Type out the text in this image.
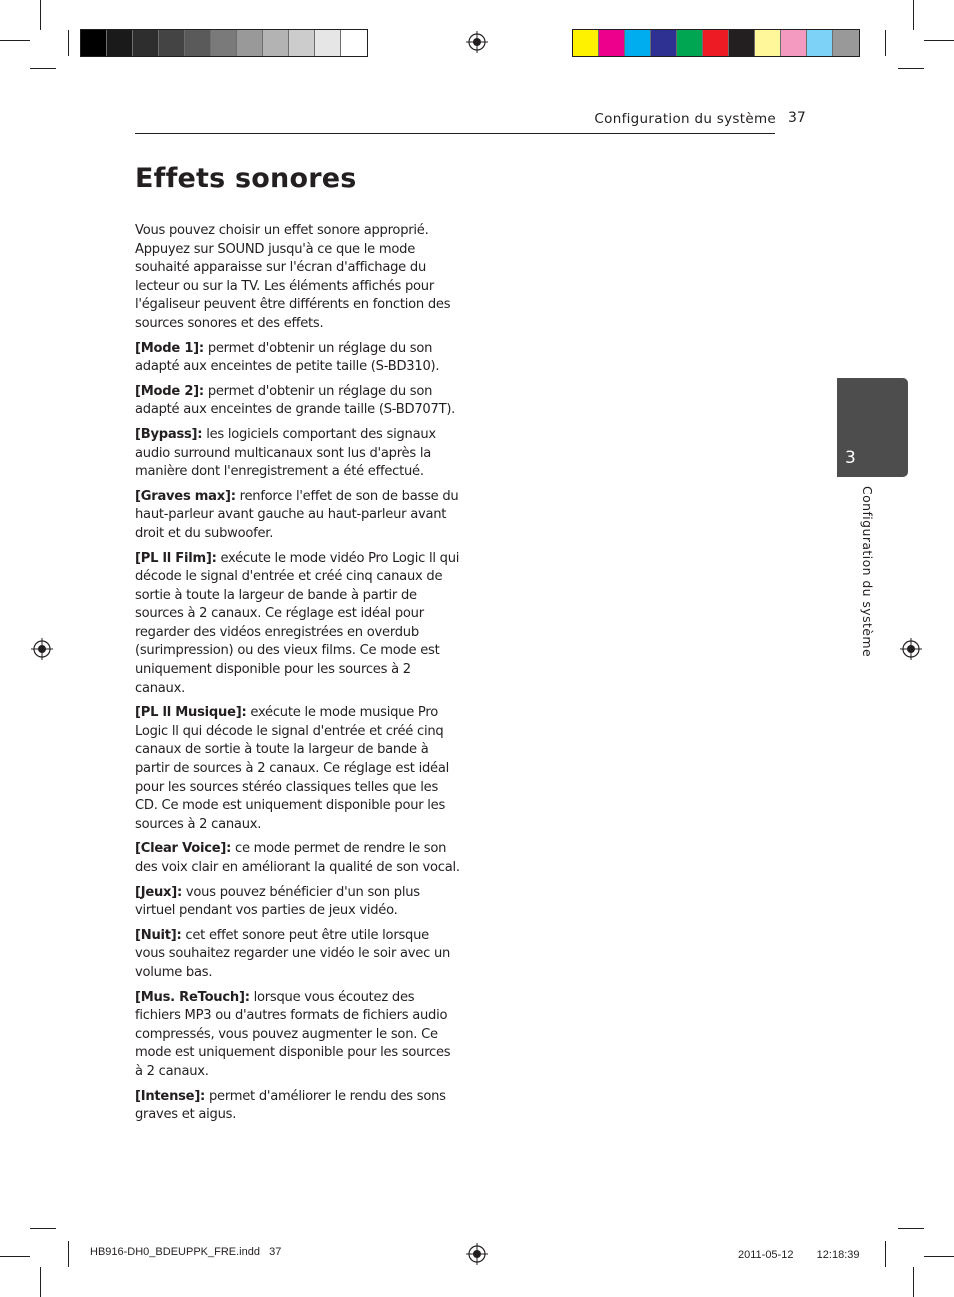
Configuration du système 37
Effets sonores

Vous pouvez choisir un effet sonore approprié. Appuyez sur SOUND jusqu'à ce que le mode souhaité apparaisse sur l'écran d'affichage du lecteur ou sur la TV. Les éléments affichés pour l'égaliseur peuvent être différents en fonction des sources sonores et des effets.

[Mode 1]: permet d'obtenir un réglage du son adapté aux enceintes de petite taille (S-BD310).

[Mode 2]: permet d'obtenir un réglage du son adapté aux enceintes de grande taille (S-BD707T).

[Bypass]: les logiciels comportant des signaux audio surround multicanaux sont lus d'après la manière dont l'enregistrement a été effectué.

[Graves max]: renforce l'effet de son de basse du haut-parleur avant gauche au haut-parleur avant droit et du subwoofer.

[PL ll Film]: exécute le mode vidéo Pro Logic ll qui décode le signal d'entrée et créé cinq canaux de sortie à toute la largeur de bande à partir de sources à 2 canaux. Ce réglage est idéal pour regarder des vidéos enregistrées en overdub (surimpression) ou des vieux films. Ce mode est uniquement disponible pour les sources à 2 canaux.

[PL ll Musique]: exécute le mode musique Pro Logic ll qui décode le signal d'entrée et créé cinq canaux de sortie à toute la largeur de bande à partir de sources à 2 canaux. Ce réglage est idéal pour les sources stéréo classiques telles que les CD. Ce mode est uniquement disponible pour les sources à 2 canaux.

[Clear Voice]: ce mode permet de rendre le son des voix clair en améliorant la qualité de son vocal.

[Jeux]: vous pouvez bénéficier d'un son plus virtuel pendant vos parties de jeux vidéo.

[Nuit]: cet effet sonore peut être utile lorsque vous souhaitez regarder une vidéo le soir avec un volume bas.

[Mus. ReTouch]: lorsque vous écoutez des fichiers MP3 ou d'autres formats de fichiers audio compressés, vous pouvez augmenter le son. Ce mode est uniquement disponible pour les sources à 2 canaux.

[Intense]: permet d'améliorer le rendu des sons graves et aigus.

3
Configuration du système
HB916-DH0_BDEUPPK_FRE.indd   37	2011-05-12   　 12:18:39
